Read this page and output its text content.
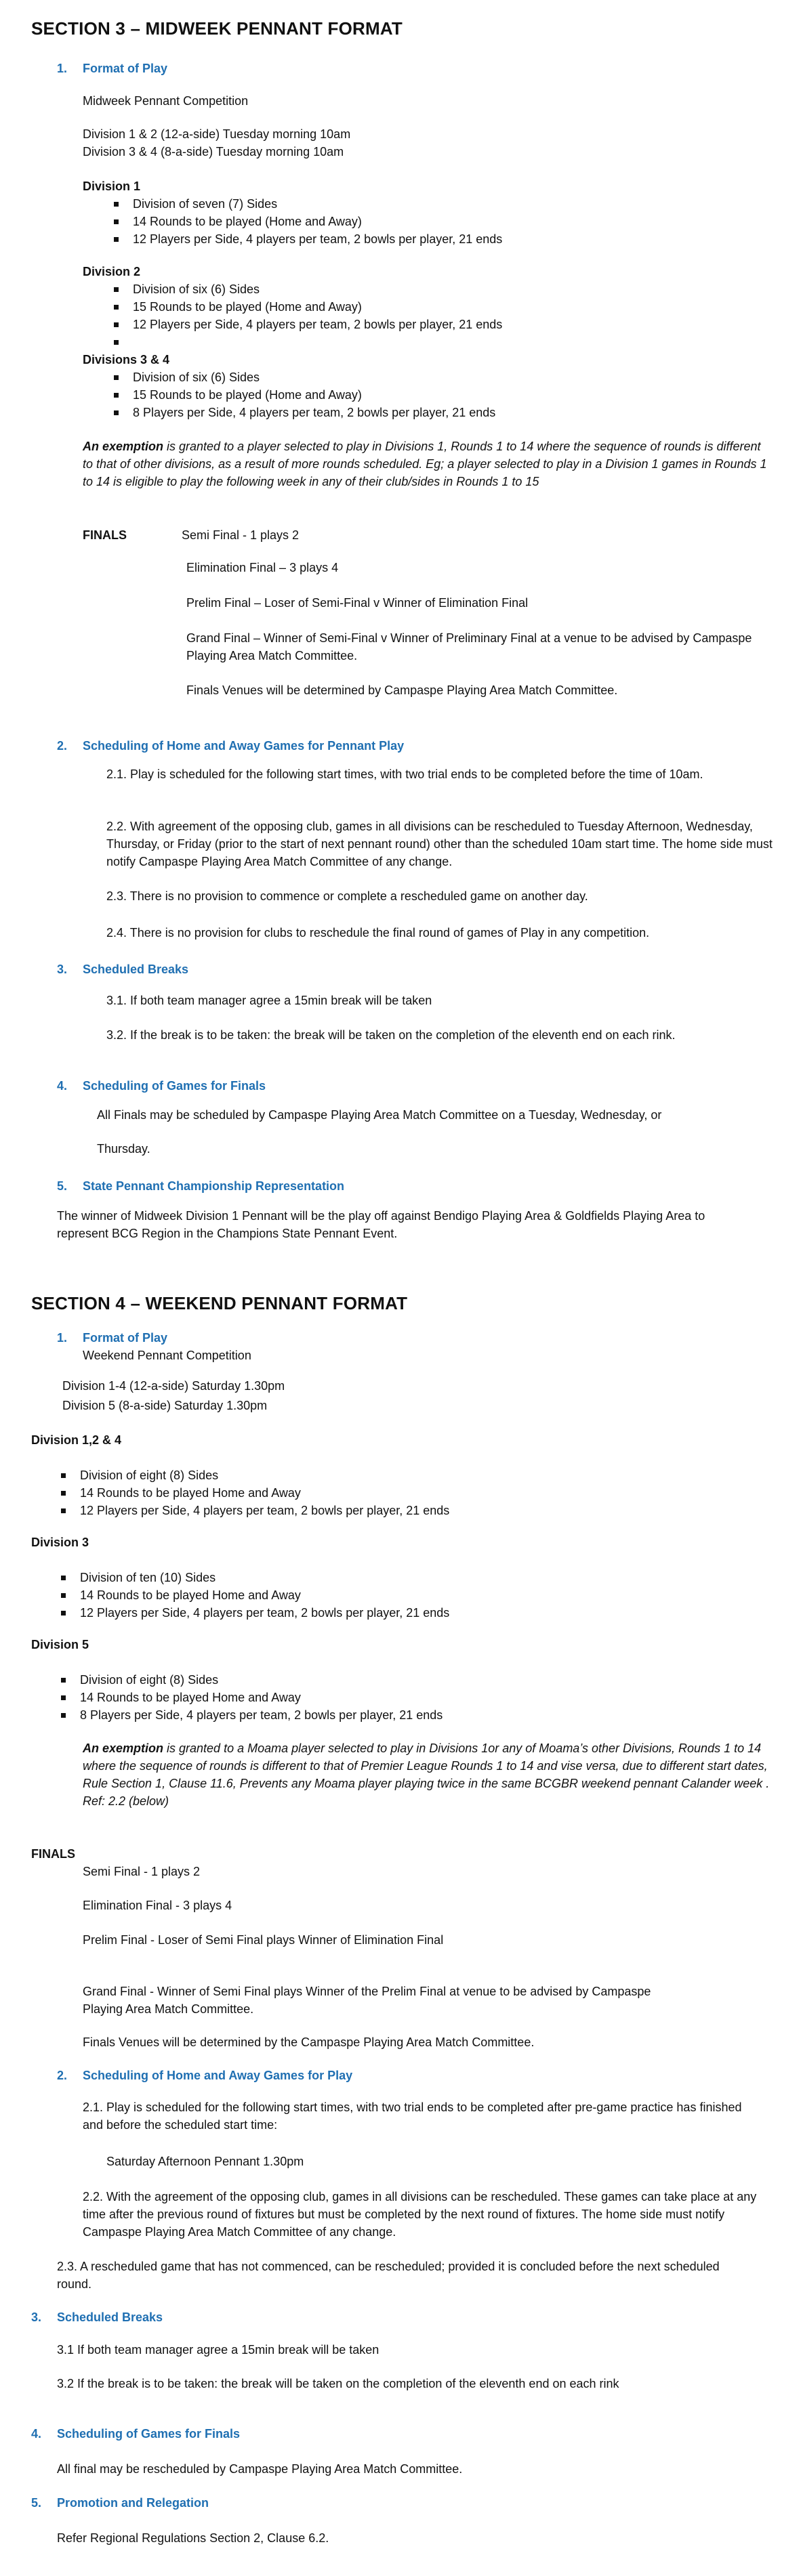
SECTION 3 – MIDWEEK PENNANT FORMAT
1. Format of Play
Midweek Pennant Competition
Division 1 & 2 (12-a-side) Tuesday morning 10am
Division 3 & 4 (8-a-side) Tuesday morning 10am
Division 1
Division of seven (7) Sides
14 Rounds to be played (Home and Away)
12 Players per Side, 4 players per team, 2 bowls per player, 21 ends
Division 2
Division of six (6) Sides
15 Rounds to be played (Home and Away)
12 Players per Side, 4 players per team, 2 bowls per player, 21 ends
Divisions 3 & 4
Division of six (6) Sides
15 Rounds to be played (Home and Away)
8 Players per Side, 4 players per team, 2 bowls per player, 21 ends

An exemption is granted to a player selected to play in Divisions 1, Rounds 1 to 14 where the sequence of rounds is different to that of other divisions, as a result of more rounds scheduled. Eg; a player selected to play in a Division 1 games in Rounds 1 to 14 is eligible to play the following week in any of their club/sides in Rounds 1 to 15

FINALS	Semi Final - 1 plays 2
Elimination Final – 3 plays 4
Prelim Final – Loser of Semi-Final v Winner of Elimination Final
Grand Final – Winner of Semi-Final v Winner of Preliminary Final at a venue to be advised by Campaspe Playing Area Match Committee.
Finals Venues will be determined by Campaspe Playing Area Match Committee.
2. Scheduling of Home and Away Games for Pennant Play
2.1. Play is scheduled for the following start times, with two trial ends to be completed before the time of 10am.
2.2. With agreement of the opposing club, games in all divisions can be rescheduled to Tuesday Afternoon, Wednesday, Thursday, or Friday (prior to the start of next pennant round) other than the scheduled 10am start time. The home side must notify Campaspe Playing Area Match Committee of any change.
2.3. There is no provision to commence or complete a rescheduled game on another day.
2.4. There is no provision for clubs to reschedule the final round of games of Play in any competition.
3. Scheduled Breaks
3.1. If both team manager agree a 15min break will be taken
3.2. If the break is to be taken: the break will be taken on the completion of the eleventh end on each rink.
4. Scheduling of Games for Finals
All Finals may be scheduled by Campaspe Playing Area Match Committee on a Tuesday, Wednesday, or
Thursday.
5. State Pennant Championship Representation
The winner of Midweek Division 1 Pennant will be the play off against Bendigo Playing Area & Goldfields Playing Area to represent BCG Region in the Champions State Pennant Event.
SECTION 4 – WEEKEND PENNANT FORMAT
1. Format of Play
Weekend Pennant Competition
Division 1-4 (12-a-side) Saturday 1.30pm
Division 5 (8-a-side) Saturday 1.30pm
Division 1,2 & 4
Division of eight (8) Sides
14 Rounds to be played Home and Away
12 Players per Side, 4 players per team, 2 bowls per player, 21 ends
Division 3
Division of ten (10) Sides
14 Rounds to be played Home and Away
12 Players per Side, 4 players per team, 2 bowls per player, 21 ends
Division 5
Division of eight (8) Sides
14 Rounds to be played Home and Away
8 Players per Side, 4 players per team, 2 bowls per player, 21 ends

An exemption is granted to a Moama player selected to play in Divisions 1or any of Moama’s other Divisions, Rounds 1 to 14 where the sequence of rounds is different to that of Premier League Rounds 1 to 14 and vise versa, due to different start dates, Rule Section 1, Clause 11.6, Prevents any Moama player playing twice in the same BCGBR weekend pennant Calander week . Ref: 2.2 (below)

FINALS
Semi Final - 1 plays 2
Elimination Final - 3 plays 4
Prelim Final - Loser of Semi Final plays Winner of Elimination Final
Grand Final - Winner of Semi Final plays Winner of the Prelim Final at venue to be advised by Campaspe Playing Area Match Committee.
Finals Venues will be determined by the Campaspe Playing Area Match Committee.
2. Scheduling of Home and Away Games for Play
2.1. Play is scheduled for the following start times, with two trial ends to be completed after pre-game practice has finished and before the scheduled start time:
Saturday Afternoon Pennant 1.30pm
2.2. With the agreement of the opposing club, games in all divisions can be rescheduled. These games can take place at any time after the previous round of fixtures but must be completed by the next round of fixtures. The home side must notify Campaspe Playing Area Match Committee of any change.
2.3. A rescheduled game that has not commenced, can be rescheduled; provided it is concluded before the next scheduled round.
3. Scheduled Breaks
3.1 If both team manager agree a 15min break will be taken
3.2 If the break is to be taken: the break will be taken on the completion of the eleventh end on each rink
4. Scheduling of Games for Finals
All final may be rescheduled by Campaspe Playing Area Match Committee.
5. Promotion and Relegation
Refer Regional Regulations Section 2, Clause 6.2.
